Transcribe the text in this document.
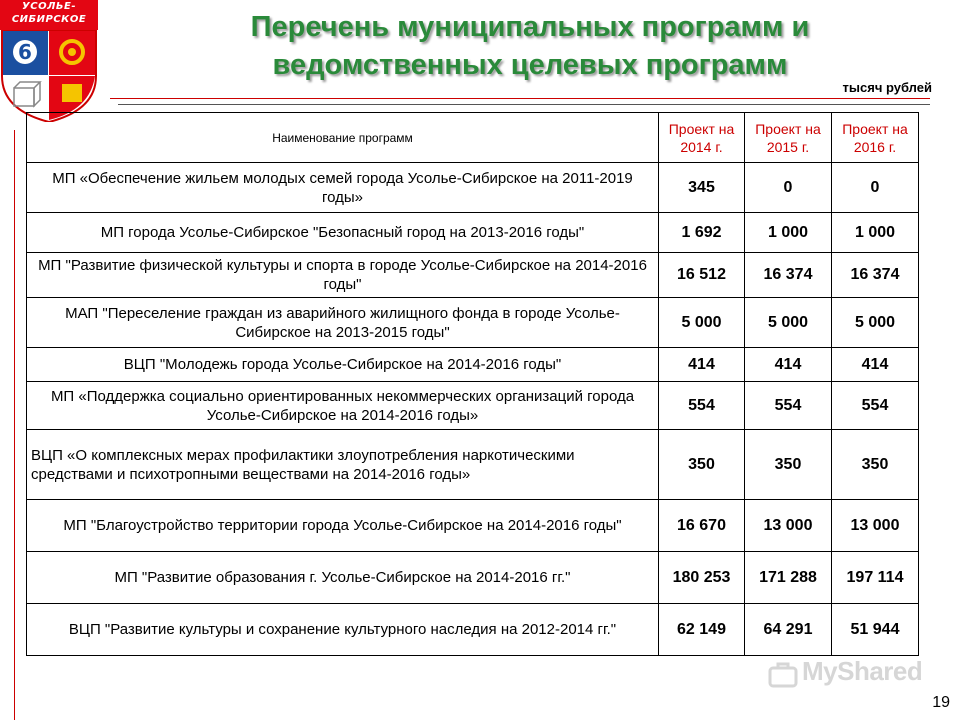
УСОЛЬЕ-
СИБИРСКОЕ
6
Перечень муниципальных программ и
ведомственных целевых программ
тысяч рублей
Наименование программ	Проект на 2014 г.	Проект на 2015 г.	Проект на 2016 г.
МП «Обеспечение жильем молодых семей города Усолье-Сибирское на 2011-2019 годы»	345	0	0
МП города Усолье-Сибирское "Безопасный город на 2013-2016 годы"	1 692	1 000	1 000
МП "Развитие физической культуры и спорта в городе Усолье-Сибирское на 2014-2016 годы"	16 512	16 374	16 374
МАП "Переселение граждан из аварийного жилищного фонда в городе Усолье-Сибирское на 2013-2015 годы"	5 000	5 000	5 000
ВЦП "Молодежь города Усолье-Сибирское на 2014-2016 годы"	414	414	414
МП «Поддержка социально ориентированных некоммерческих организаций города Усолье-Сибирское на 2014-2016 годы»	554	554	554
ВЦП «О комплексных мерах профилактики злоупотребления наркотическими средствами и психотропными веществами на 2014-2016 годы»	350	350	350
МП "Благоустройство территории города Усолье-Сибирское на 2014-2016 годы"	16 670	13 000	13 000
МП "Развитие образования г. Усолье-Сибирское на 2014-2016 гг."	180 253	171 288	197 114
ВЦП "Развитие культуры и сохранение культурного наследия на 2012-2014 гг."	62 149	64 291	51 944
MyShared
19
